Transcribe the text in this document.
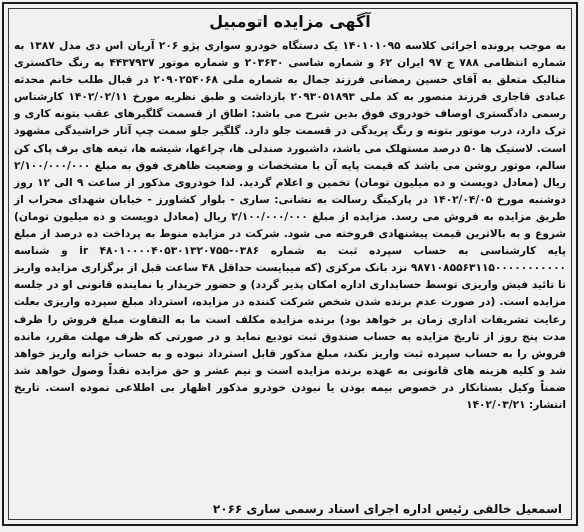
آگهی مزایده اتومبیل
به موجب پرونده اجرائی کلاسه ۱۴۰۱۰۱۰۹۵ یک دستگاه خودرو سواری پژو ۲۰۶ آریان اس دی مدل ۱۳۸۷ به شماره انتظامی ۷۸۸ ج ۹۷ ایران ۶۲ و شماره شاسی ۲۰۳۶۳۰ و شماره موتور ۴۴۳۷۹۳۷ به رنگ خاکستری متالیک متعلق به آقای حسین رمضانی فرزند جمال به شماره ملی ۲۰۹۰۲۵۴۰۶۸ در قبال طلب خانم محدثه عبادی قاجاری فرزند منصور به کد ملی ۲۰۹۳۰۵۱۸۹۳ بازداشت و طبق نظریه مورخ ۱۴۰۲/۰۲/۱۱ کارشناس رسمی دادگستری اوصاف خودروی فوق بدین شرح می باشد: اطاق از قسمت گلگیرهای عقب بتونه کاری و ترک دارد، درب موتور بتونه و رنگ پریدگی در قسمت جلو دارد. گلگیر جلو سمت چپ آثار خراشیدگی مشهود است. لاستیک ها ۵۰ درصد مستهلک می باشد، داشبورد صندلی ها، چراغها، شیشه ها، تیغه های برف پاک کن سالم، موتور روشن می باشد که قیمت پایه آن با مشخصات و وضعیت ظاهری فوق به مبلغ ۲/۱۰۰/۰۰۰/۰۰۰ ریال (معادل دویست و ده میلیون تومان) تخمین و اعلام گردید. لذا خودروی مذکور از ساعت ۹ الی ۱۲ روز دوشنبه مورخ ۱۴۰۲/۰۴/۰۵ در پارکینگ رسالت به نشانی: ساری - بلوار کشاورز - خیابان شهدای محراب از طریق مزایده به فروش می رسد. مزایده از مبلغ ۲/۱۰۰/۰۰۰/۰۰۰ ریال (معادل دویست و ده میلیون تومان) شروع و به بالاترین قیمت پیشنهادی فروخته می شود. شرکت در مزایده منوط به پرداخت ده درصد از مبلغ پایه کارشناسی به حساب سپرده ثبت به شماره ۰۳۸۶-۴۸۰۱۰۰۰۰۴۰۵۳۰۱۳۲۰۷۵۵ ir و شناسه ۹۸۷۱۰۸۵۵۶۳۱۱۵۰۰۰۰۰۰۰۰۰۰۰ نزد بانک مرکزی (که میبایست حداقل ۴۸ ساعت قبل از برگزاری مزایده واریز تا تائید فیش واریزی توسط حسابداری اداره امکان پذیر گردد) و حضور خریدار یا نماینده قانونی او در جلسه مزایده است. (در صورت عدم برنده شدن شخص شرکت کننده در مزایده، استرداد مبلغ سپرده واریزی بعلت رعایت تشریفات اداری زمان بر خواهد بود) برنده مزایده مکلف است ما به التفاوت مبلغ فروش را ظرف مدت پنج روز از تاریخ مزایده به حساب صندوق ثبت تودیع نماید و در صورتی که ظرف مهلت مقرر، مانده فروش را به حساب سپرده ثبت واریز نکند، مبلغ مذکور قابل استرداد نبوده و به حساب خزانه واریز خواهد شد و کلیه هزینه های قانونی به عهده برنده مزایده است و نیم عشر و حق مزایده نقداً وصول خواهد شد ضمناً وکیل بستانکار در خصوص بیمه بودن یا نبودن خودرو مذکور اظهار بی اطلاعی نموده است. تاریخ انتشار: ۱۴۰۲/۰۳/۲۱
اسمعیل خالقی رئیس اداره اجرای اسناد رسمی ساری ۲۰۶۶
